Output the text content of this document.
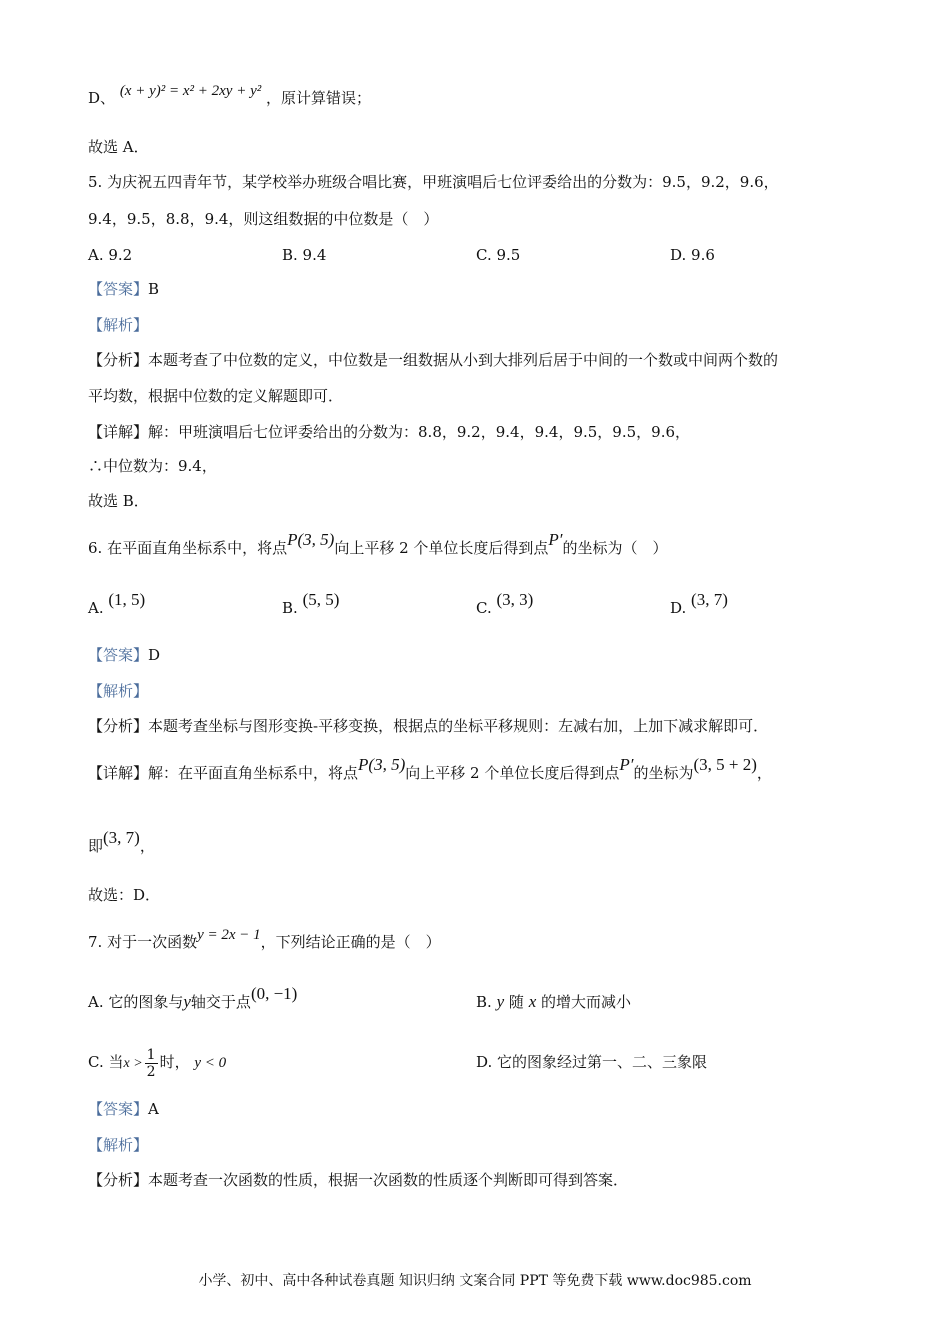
D、 (x + y)² = x² + 2xy + y² ，原计算错误；
故选 A．
5. 为庆祝五四青年节，某学校举办班级合唱比赛，甲班演唱后七位评委给出的分数为：9.5，9.2，9.6，
9.4，9.5，8.8，9.4，则这组数据的中位数是（　）
A. 9.2	B. 9.4	C. 9.5	D. 9.6
【答案】B
【解析】
【分析】本题考查了中位数的定义，中位数是一组数据从小到大排列后居于中间的一个数或中间两个数的
平均数，根据中位数的定义解题即可．
【详解】解：甲班演唱后七位评委给出的分数为：8.8，9.2，9.4，9.4，9.5，9.5，9.6，
∴中位数为：9.4，
故选 B．
6. 在平面直角坐标系中，将点P(3, 5)向上平移 2 个单位长度后得到点P′的坐标为（　）
A. (1, 5)	B. (5, 5)	C. (3, 3)	D. (3, 7)
【答案】D
【解析】
【分析】本题考查坐标与图形变换-平移变换，根据点的坐标平移规则：左减右加，上加下减求解即可．
【详解】解：在平面直角坐标系中，将点P(3, 5)向上平移 2 个单位长度后得到点P′的坐标为(3, 5 + 2)，
即(3, 7)，
故选：D．
7. 对于一次函数y = 2x − 1，下列结论正确的是（　）
A. 它的图象与y轴交于点(0, −1)	B. y 随 x 的增大而减小
C. 当$x > \frac{1}{2}$ 时， y < 0	D. 它的图象经过第一、二、三象限
【答案】A
【解析】
【分析】本题考查一次函数的性质，根据一次函数的性质逐个判断即可得到答案．
小学、初中、高中各种试卷真题 知识归纳 文案合同 PPT 等免费下载 www.doc985.com
